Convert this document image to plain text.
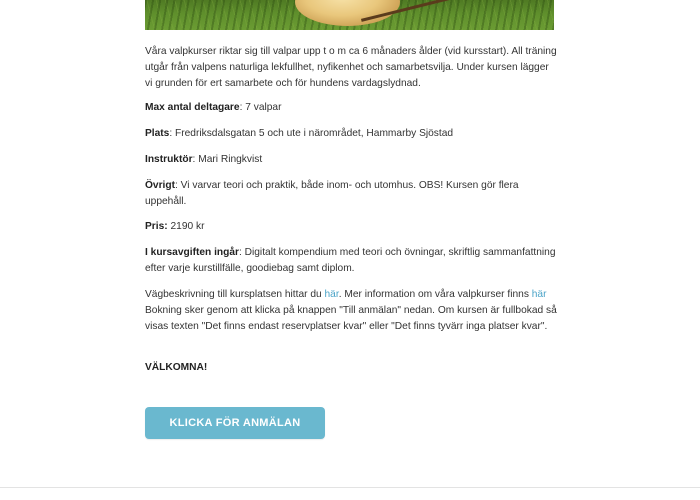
Våra valpkurser riktar sig till valpar upp t o m ca 6 månaders ålder (vid kursstart). All träning utgår från valpens naturliga lekfullhet, nyfikenhet och samarbetsvilja. Under kursen lägger vi grunden för ert samarbete och för hundens vardagslydnad.

Max antal deltagare: 7 valpar

Plats: Fredriksdalsgatan 5 och ute i närområdet, Hammarby Sjöstad

Instruktör: Mari Ringkvist

Övrigt: Vi varvar teori och praktik, både inom- och utomhus. OBS! Kursen gör flera uppehåll.

Pris: 2190 kr

I kursavgiften ingår: Digitalt kompendium med teori och övningar, skriftlig sammanfattning efter varje kurstillfälle, goodiebag samt diplom.

Vägbeskrivning till kursplatsen hittar du här. Mer information om våra valpkurser finns här Bokning sker genom att klicka på knappen "Till anmälan" nedan. Om kursen är fullbokad så visas texten "Det finns endast reservplatser kvar" eller "Det finns tyvärr inga platser kvar".

VÄLKOMNA!

KLICKA FÖR ANMÄLAN
